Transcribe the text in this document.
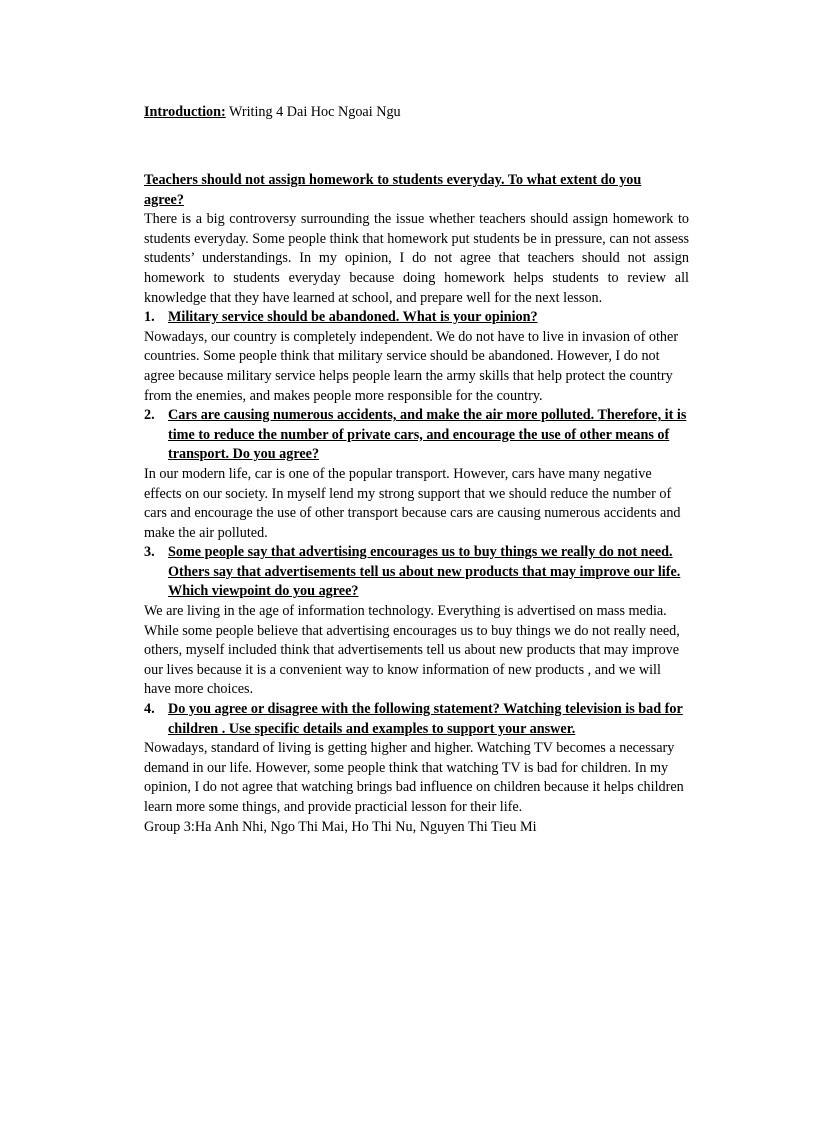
Introduction: Writing 4 Dai Hoc Ngoai Ngu

Teachers should not assign homework to students everyday. To what extent do you agree?

There is a big controversy surrounding the issue whether teachers should assign homework to students everyday. Some people think that homework put students be in pressure, can not assess students’ understandings. In my opinion, I do not agree that teachers should not assign homework to students everyday because doing homework helps students to review all knowledge that they have learned at school, and prepare well for the next lesson.

1. Military service should be abandoned. What is your opinion?

Nowadays, our country is completely independent. We do not have to live in invasion of other countries. Some people think that military service should be abandoned. However, I do not agree because military service helps people learn the army skills that help protect the country from the enemies, and makes people more responsible for the country.

2. Cars are causing numerous accidents, and make the air more polluted. Therefore, it is time to reduce the number of private cars, and encourage the use of other means of transport. Do you agree?

In our modern life, car is one of the popular transport. However, cars have many negative effects on our society. In myself lend my strong support that we should reduce the number of cars and encourage the use of other transport because cars are causing numerous accidents and make the air polluted.

3. Some people say that advertising encourages us to buy things we really do not need. Others say that advertisements tell us about new products that may improve our life. Which viewpoint do you agree?

We are living in the age of information technology. Everything is advertised on mass media. While some people believe that advertising encourages us to buy things we do not really need, others, myself included think that advertisements tell us about new products that may improve our lives because it is a convenient way to know information of new products , and we will have more choices.

4. Do you agree or disagree with the following statement? Watching television is bad for children . Use specific details and examples to support your answer.

Nowadays, standard of living is getting higher and higher. Watching TV becomes a necessary demand in our life. However, some people think that watching TV is bad for children. In my opinion, I do not agree that watching brings bad influence on children because it helps children learn more some things, and provide practicial lesson for their life.

Group 3:Ha Anh Nhi, Ngo Thi Mai, Ho Thi Nu, Nguyen Thi Tieu Mi
